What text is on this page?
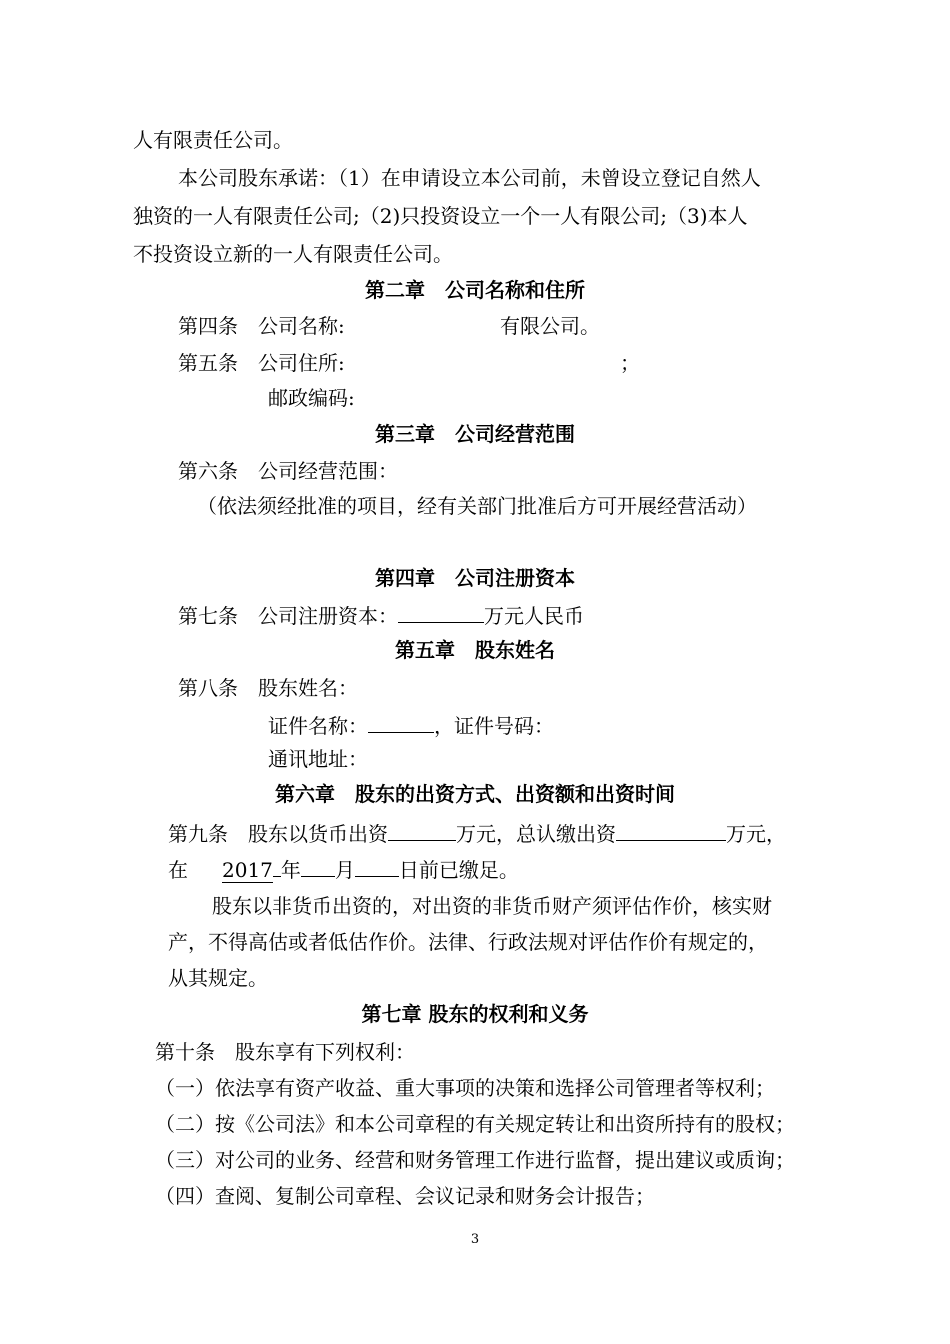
人有限责任公司。
本公司股东承诺：（1）在申请设立本公司前，未曾设立登记自然人
独资的一人有限责任公司;（2)只投资设立一个一人有限公司;（3)本人
不投资设立新的一人有限责任公司。
第二章　公司名称和住所
第四条　公司名称:	有限公司。
第五条　公司住所:	；
邮政编码:
第三章　公司经营范围
第六条　公司经营范围：
（依法须经批准的项目，经有关部门批准后方可开展经营活动）
第四章　公司注册资本
第七条　公司注册资本：	万元人民币
第五章　股东姓名
第八条　股东姓名：
证件名称：	，证件号码：
通讯地址：
第六章　股东的出资方式、出资额和出资时间
第九条　股东以货币出资	万元，总认缴出资	万元，
在 2017 年 月 日前已缴足。
股东以非货币出资的，对出资的非货币财产须评估作价，核实财
产，不得高估或者低估作价。法律、行政法规对评估作价有规定的，
从其规定。
第七章 股东的权利和义务
第十条　股东享有下列权利：
（一）依法享有资产收益、重大事项的决策和选择公司管理者等权利；
（二）按《公司法》和本公司章程的有关规定转让和出资所持有的股权；
（三）对公司的业务、经营和财务管理工作进行监督，提出建议或质询；
（四）查阅、复制公司章程、会议记录和财务会计报告；
3
